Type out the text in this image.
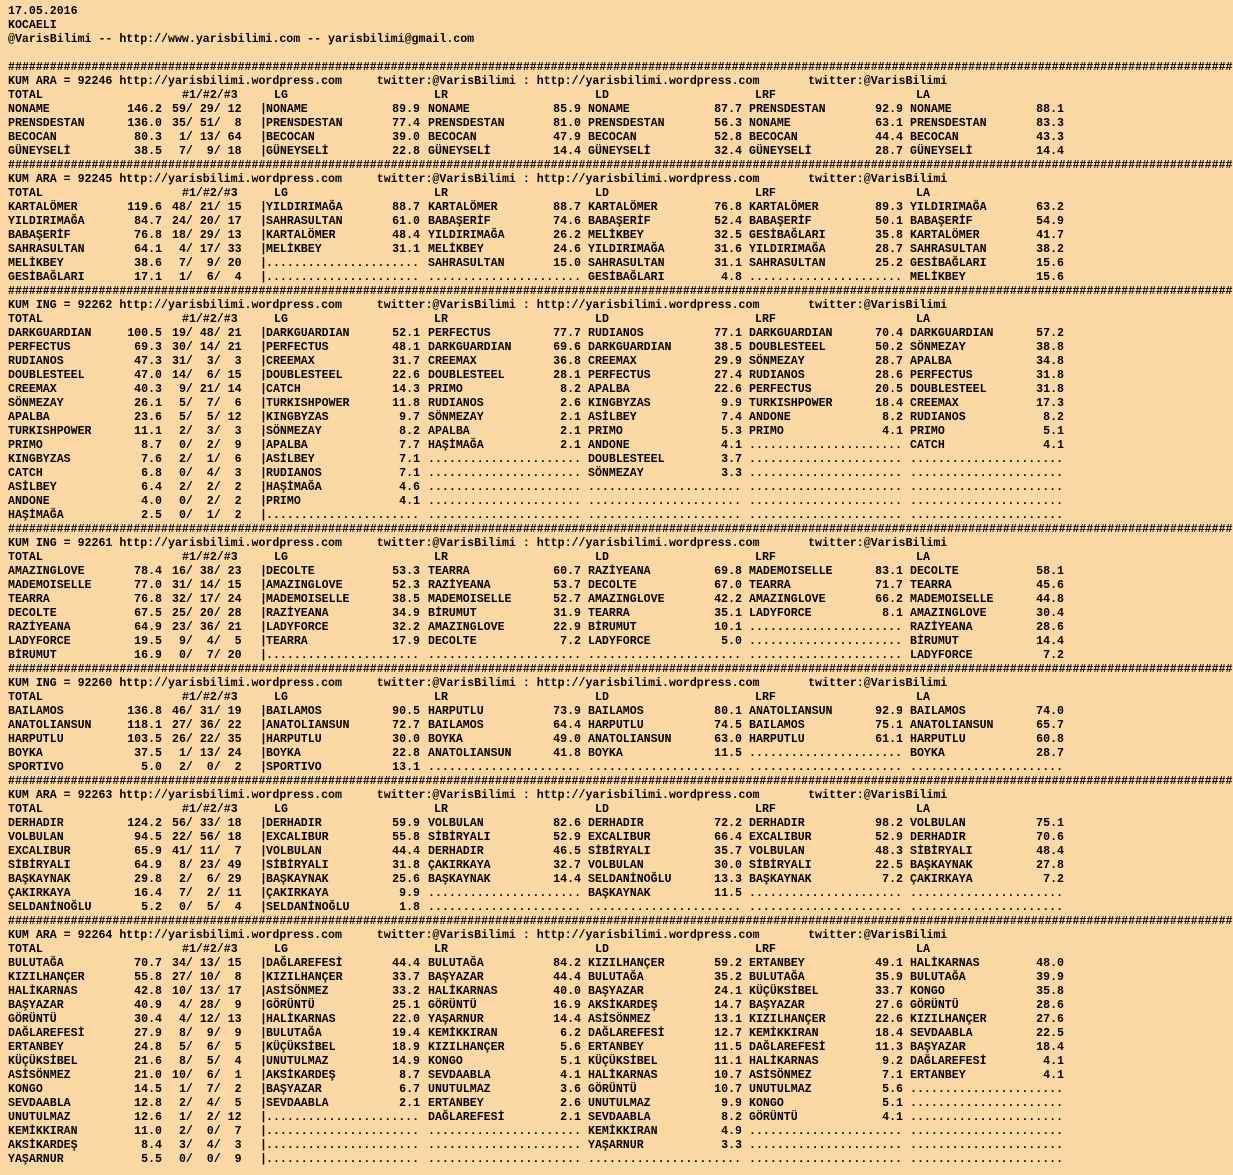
17.05.2016
KOCAELI
@VarisBilimi -- http://www.yarisbilimi.com -- yarisbilimi@gmail.com
################################################################################################################################################################################
KUM ARA = 92246 http://yarisbilimi.wordpress.com     twitter:@VarisBilimi : http://yarisbilimi.wordpress.com       twitter:@VarisBilimi
TOTAL	#1/#2/#3	LG	LR	LD	LRF	LA
NONAME	146.2 59/ 29/ 12 | NONAME	89.9 NONAME	85.9 NONAME	87.7 PRENSDESTAN	92.9 NONAME	88.1
PRENSDESTAN	136.0 35/ 51/  8 | PRENSDESTAN	77.4 PRENSDESTAN	81.0 PRENSDESTAN	56.3 NONAME	63.1 PRENSDESTAN	83.3
BECOCAN	80.3 1/ 13/ 64 | BECOCAN	39.0 BECOCAN	47.9 BECOCAN	52.8 BECOCAN	44.4 BECOCAN	43.3
GÜNEYSELİ	38.5 7/  9/ 18 | GÜNEYSELİ	22.8 GÜNEYSELİ	14.4 GÜNEYSELİ	32.4 GÜNEYSELİ	28.7 GÜNEYSELİ	14.4
################################################################################################################################################################################
KUM ARA = 92245 http://yarisbilimi.wordpress.com     twitter:@VarisBilimi : http://yarisbilimi.wordpress.com       twitter:@VarisBilimi
TOTAL	#1/#2/#3	LG	LR	LD	LRF	LA
KARTALÖMER	119.6 48/ 21/ 15 | YILDIRIMAĞA	88.7 KARTALÖMER	88.7 KARTALÖMER	76.8 KARTALÖMER	89.3 YILDIRIMAĞA	63.2
YILDIRIMAĞA	84.7 24/ 20/ 17 | SAHRASULTAN	61.0 BABAŞERİF	74.6 BABAŞERİF	52.4 BABAŞERİF	50.1 BABAŞERİF	54.9
BABAŞERİF	76.8 18/ 29/ 13 | KARTALÖMER	48.4 YILDIRIMAĞA	26.2 MELİKBEY	32.5 GESİBAĞLARI	35.8 KARTALÖMER	41.7
SAHRASULTAN	64.1 4/ 17/ 33 | MELİKBEY	31.1 MELİKBEY	24.6 YILDIRIMAĞA	31.6 YILDIRIMAĞA	28.7 SAHRASULTAN	38.2
MELİKBEY	38.6 7/  9/ 20 | ...................... SAHRASULTAN	15.0 SAHRASULTAN	31.1 SAHRASULTAN	25.2 GESİBAĞLARI	15.6
GESİBAĞLARI	17.1 1/  6/  4 | ...................... ...................... GESİBAĞLARI	4.8 ...................... MELİKBEY	15.6
################################################################################################################################################################################
KUM ING = 92262 http://yarisbilimi.wordpress.com     twitter:@VarisBilimi : http://yarisbilimi.wordpress.com       twitter:@VarisBilimi
TOTAL	#1/#2/#3	LG	LR	LD	LRF	LA
DARKGUARDIAN	100.5 19/ 48/ 21 | DARKGUARDIAN	52.1 PERFECTUS	77.7 RUDIANOS	77.1 DARKGUARDIAN	70.4 DARKGUARDIAN	57.2
PERFECTUS	69.3 30/ 14/ 21 | PERFECTUS	48.1 DARKGUARDIAN	69.6 DARKGUARDIAN	38.5 DOUBLESTEEL	50.2 SÖNMEZAY	38.8
RUDIANOS	47.3 31/  3/  3 | CREEMAX	31.7 CREEMAX	36.8 CREEMAX	29.9 SÖNMEZAY	28.7 APALBA	34.8
DOUBLESTEEL	47.0 14/  6/ 15 | DOUBLESTEEL	22.6 DOUBLESTEEL	28.1 PERFECTUS	27.4 RUDIANOS	28.6 PERFECTUS	31.8
CREEMAX	40.3 9/ 21/ 14 | CATCH	14.3 PRIMO	8.2 APALBA	22.6 PERFECTUS	20.5 DOUBLESTEEL	31.8
SÖNMEZAY	26.1 5/  7/  6 | TURKISHPOWER	11.8 RUDIANOS	2.6 KINGBYZAS	9.9 TURKISHPOWER	18.4 CREEMAX	17.3
APALBA	23.6 5/  5/ 12 | KINGBYZAS	9.7 SÖNMEZAY	2.1 ASİLBEY	7.4 ANDONE	8.2 RUDIANOS	8.2
TURKISHPOWER	11.1 2/  3/  3 | SÖNMEZAY	8.2 APALBA	2.1 PRIMO	5.3 PRIMO	4.1 PRIMO	5.1
PRIMO	8.7 0/  2/  9 | APALBA	7.7 HAŞİMAĞA	2.1 ANDONE	4.1 ...................... CATCH	4.1
KINGBYZAS	7.6 2/  1/  6 | ASİLBEY	7.1 ...................... DOUBLESTEEL	3.7 ...................... ......................
CATCH	6.8 0/  4/  3 | RUDIANOS	7.1 ...................... SÖNMEZAY	3.3 ...................... ......................
ASİLBEY	6.4 2/  2/  2 | HAŞİMAĞA	4.6 ...................... ...................... ...................... ......................
ANDONE	4.0 0/  2/  2 | PRIMO	4.1 ...................... ...................... ...................... ......................
HAŞİMAĞA	2.5 0/  1/  2 | ...................... ...................... ...................... ...................... ......................
################################################################################################################################################################################
KUM ING = 92261 http://yarisbilimi.wordpress.com     twitter:@VarisBilimi : http://yarisbilimi.wordpress.com       twitter:@VarisBilimi
TOTAL	#1/#2/#3	LG	LR	LD	LRF	LA
AMAZINGLOVE	78.4 16/ 38/ 23 | DECOLTE	53.3 TEARRA	60.7 RAZİYEANA	69.8 MADEMOISELLE	83.1 DECOLTE	58.1
MADEMOISELLE	77.0 31/ 14/ 15 | AMAZINGLOVE	52.3 RAZİYEANA	53.7 DECOLTE	67.0 TEARRA	71.7 TEARRA	45.6
TEARRA	76.8 32/ 17/ 24 | MADEMOISELLE	38.5 MADEMOISELLE	52.7 AMAZINGLOVE	42.2 AMAZINGLOVE	66.2 MADEMOISELLE	44.8
DECOLTE	67.5 25/ 20/ 28 | RAZİYEANA	34.9 BİRUMUT	31.9 TEARRA	35.1 LADYFORCE	8.1 AMAZINGLOVE	30.4
RAZİYEANA	64.9 23/ 36/ 21 | LADYFORCE	32.2 AMAZINGLOVE	22.9 BİRUMUT	10.1 ...................... RAZİYEANA	28.6
LADYFORCE	19.5 9/  4/  5 | TEARRA	17.9 DECOLTE	7.2 LADYFORCE	5.0 ...................... BİRUMUT	14.4
BİRUMUT	16.9 0/  7/ 20 | ...................... ...................... ...................... ...................... LADYFORCE	7.2
################################################################################################################################################################################
KUM ING = 92260 http://yarisbilimi.wordpress.com     twitter:@VarisBilimi : http://yarisbilimi.wordpress.com       twitter:@VarisBilimi
TOTAL	#1/#2/#3	LG	LR	LD	LRF	LA
BAILAMOS	136.8 46/ 31/ 19 | BAILAMOS	90.5 HARPUTLU	73.9 BAILAMOS	80.1 ANATOLIANSUN	92.9 BAILAMOS	74.0
ANATOLIANSUN	118.1 27/ 36/ 22 | ANATOLIANSUN	72.7 BAILAMOS	64.4 HARPUTLU	74.5 BAILAMOS	75.1 ANATOLIANSUN	65.7
HARPUTLU	103.5 26/ 22/ 35 | HARPUTLU	30.0 BOYKA	49.0 ANATOLIANSUN	63.0 HARPUTLU	61.1 HARPUTLU	60.8
BOYKA	37.5 1/ 13/ 24 | BOYKA	22.8 ANATOLIANSUN	41.8 BOYKA	11.5 ...................... BOYKA	28.7
SPORTIVO	5.0 2/  0/  2 | SPORTIVO	13.1 ...................... ...................... ...................... ......................
################################################################################################################################################################################
KUM ARA = 92263 http://yarisbilimi.wordpress.com     twitter:@VarisBilimi : http://yarisbilimi.wordpress.com       twitter:@VarisBilimi
TOTAL	#1/#2/#3	LG	LR	LD	LRF	LA
DERHADIR	124.2 56/ 33/ 18 | DERHADIR	59.9 VOLBULAN	82.6 DERHADIR	72.2 DERHADIR	98.2 VOLBULAN	75.1
VOLBULAN	94.5 22/ 56/ 18 | EXCALIBUR	55.8 SİBİRYALI	52.9 EXCALIBUR	66.4 EXCALIBUR	52.9 DERHADIR	70.6
EXCALIBUR	65.9 41/ 11/  7 | VOLBULAN	44.4 DERHADIR	46.5 SİBİRYALI	35.7 VOLBULAN	48.3 SİBİRYALI	48.4
SİBİRYALI	64.9 8/ 23/ 49 | SİBİRYALI	31.8 ÇAKIRKAYA	32.7 VOLBULAN	30.0 SİBİRYALI	22.5 BAŞKAYNAK	27.8
BAŞKAYNAK	29.8 2/  6/ 29 | BAŞKAYNAK	25.6 BAŞKAYNAK	14.4 SELDANİNOĞLU	13.3 BAŞKAYNAK	7.2 ÇAKIRKAYA	7.2
ÇAKIRKAYA	16.4 7/  2/ 11 | ÇAKIRKAYA	9.9 ...................... BAŞKAYNAK	11.5 ...................... ......................
SELDANİNOĞLU	5.2 0/  5/  4 | SELDANİNOĞLU	1.8 ...................... ...................... ...................... ......................
################################################################################################################################################################################
KUM ARA = 92264 http://yarisbilimi.wordpress.com     twitter:@VarisBilimi : http://yarisbilimi.wordpress.com       twitter:@VarisBilimi
TOTAL	#1/#2/#3	LG	LR	LD	LRF	LA
BULUTAĞA	70.7 34/ 13/ 15 | DAĞLAREFESİ	44.4 BULUTAĞA	84.2 KIZILHANÇER	59.2 ERTANBEY	49.1 HALİKARNAS	48.0
KIZILHANÇER	55.8 27/ 10/  8 | KIZILHANÇER	33.7 BAŞYAZAR	44.4 BULUTAĞA	35.2 BULUTAĞA	35.9 BULUTAĞA	39.9
HALİKARNAS	42.8 10/ 13/ 17 | ASİSÖNMEZ	33.2 HALİKARNAS	40.0 BAŞYAZAR	24.1 KÜÇÜKSİBEL	33.7 KONGO	35.8
BAŞYAZAR	40.9 4/ 28/  9 | GÖRÜNTÜ	25.1 GÖRÜNTÜ	16.9 AKSİKARDEŞ	14.7 BAŞYAZAR	27.6 GÖRÜNTÜ	28.6
GÖRÜNTÜ	30.4 4/ 12/ 13 | HALİKARNAS	22.0 YAŞARNUR	14.4 ASİSÖNMEZ	13.1 KIZILHANÇER	22.6 KIZILHANÇER	27.6
DAĞLAREFESİ	27.9 8/  9/  9 | BULUTAĞA	19.4 KEMİKKIRAN	6.2 DAĞLAREFESİ	12.7 KEMİKKIRAN	18.4 SEVDAABLA	22.5
ERTANBEY	24.8 5/  6/  5 | KÜÇÜKSİBEL	18.9 KIZILHANÇER	5.6 ERTANBEY	11.5 DAĞLAREFESİ	11.3 BAŞYAZAR	18.4
KÜÇÜKSİBEL	21.6 8/  5/  4 | UNUTULMAZ	14.9 KONGO	5.1 KÜÇÜKSİBEL	11.1 HALİKARNAS	9.2 DAĞLAREFESİ	4.1
ASİSÖNMEZ	21.0 10/  6/  1 | AKSİKARDEŞ	8.7 SEVDAABLA	4.1 HALİKARNAS	10.7 ASİSÖNMEZ	7.1 ERTANBEY	4.1
KONGO	14.5 1/  7/  2 | BAŞYAZAR	6.7 UNUTULMAZ	3.6 GÖRÜNTÜ	10.7 UNUTULMAZ	5.6 ......................
SEVDAABLA	12.8 2/  4/  5 | SEVDAABLA	2.1 ERTANBEY	2.6 UNUTULMAZ	9.9 KONGO	5.1 ......................
UNUTULMAZ	12.6 1/  2/ 12 | ...................... DAĞLAREFESİ	2.1 SEVDAABLA	8.2 GÖRÜNTÜ	4.1 ......................
KEMİKKIRAN	11.0 2/  0/  7 | ...................... ...................... KEMİKKIRAN	4.9 ...................... ......................
AKSİKARDEŞ	8.4 3/  4/  3 | ...................... ...................... YAŞARNUR	3.3 ...................... ......................
YAŞARNUR	5.5 0/  0/  9 | ...................... ...................... ...................... ...................... ......................
